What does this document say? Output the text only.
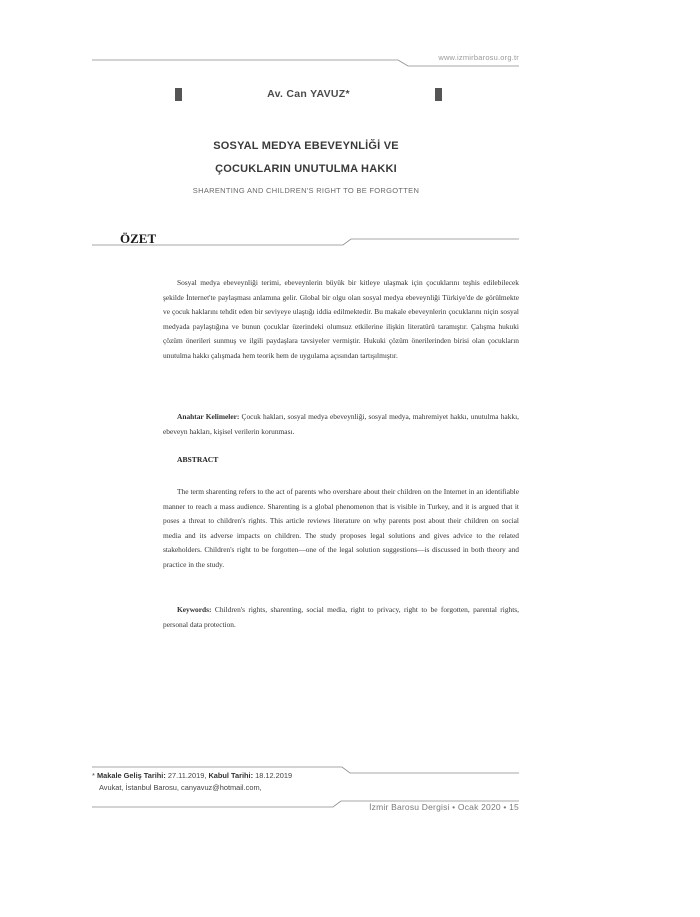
www.izmirbarosu.org.tr
Av. Can YAVUZ*
SOSYAL MEDYA EBEVEYNLİĞİ VE
ÇOCUKLARIN UNUTULMA HAKKI
SHARENTING AND CHILDREN'S RIGHT TO BE FORGOTTEN
ÖZET
Sosyal medya ebeveynliği terimi, ebeveynlerin büyük bir kitleye ulaşmak için çocuklarını teşhis edilebilecek şekilde İnternet'te paylaşması anlamına gelir. Global bir olgu olan sosyal medya ebeveynliği Türkiye'de de görülmekte ve çocuk haklarını tehdit eden bir seviyeye ulaştığı iddia edilmektedir. Bu makale ebeveynlerin çocuklarını niçin sosyal medyada paylaştığına ve bunun çocuklar üzerindeki olumsuz etkilerine ilişkin literatürü taramıştır. Çalışma hukuki çözüm önerileri sunmuş ve ilgili paydaşlara tavsiyeler vermiştir. Hukuki çözüm önerilerinden birisi olan çocukların unutulma hakkı çalışmada hem teorik hem de uygulama açısından tartışılmıştır.
Anahtar Kelimeler: Çocuk hakları, sosyal medya ebeveynliği, sosyal medya, mahremiyet hakkı, unutulma hakkı, ebeveyn hakları, kişisel verilerin korunması.
ABSTRACT
The term sharenting refers to the act of parents who overshare about their children on the Internet in an identifiable manner to reach a mass audience. Sharenting is a global phenomenon that is visible in Turkey, and it is argued that it poses a threat to children's rights. This article reviews literature on why parents post about their children on social media and its adverse impacts on children. The study proposes legal solutions and gives advice to the related stakeholders. Children's right to be forgotten—one of the legal solution suggestions—is discussed in both theory and practice in the study.
Keywords: Children's rights, sharenting, social media, right to privacy, right to be forgotten, parental rights, personal data protection.
* Makale Geliş Tarihi: 27.11.2019, Kabul Tarihi: 18.12.2019
Avukat, İstanbul Barosu, canyavuz@hotmail.com,
İzmir Barosu Dergisi • Ocak 2020 • 15
